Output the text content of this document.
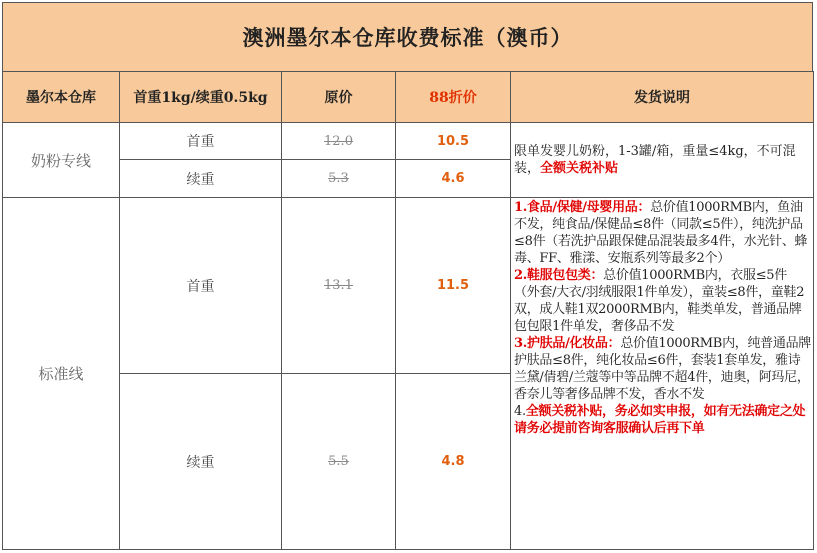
澳洲墨尔本仓库收费标准（澳币）
墨尔本仓库	首重1kg/续重0.5kg	原价	88折价	发货说明
奶粉专线	首重	12.0	10.5	限单发婴儿奶粉，1-3罐/箱，重量≤4kg，不可混装，全额关税补贴
	续重	5.3	4.6	
标准线	首重	13.1	11.5	1.食品/保健/母婴用品：总价值1000RMB内，鱼油不发，纯食品/保健品≤8件（同款≤5件），纯洗护品≤8件（若洗护品跟保健品混装最多4件，水光针、蜂毒、FF、雅漾、安瓶系列等最多2个）
2.鞋服包包类：总价值1000RMB内，衣服≤5件（外套/大衣/羽绒服限1件单发），童装≤8件，童鞋2双，成人鞋1双2000RMB内，鞋类单发，普通品牌包包限1件单发，奢侈品不发
3.护肤品/化妆品：总价值1000RMB内，纯普通品牌护肤品≤8件，纯化妆品≤6件，套装1套单发，雅诗兰黛/倩碧/兰蔻等中等品牌不超4件，迪奥，阿玛尼，香奈儿等奢侈品牌不发，香水不发
4.全额关税补贴，务必如实申报，如有无法确定之处请务必提前咨询客服确认后再下单

	续重	5.5	4.8	
